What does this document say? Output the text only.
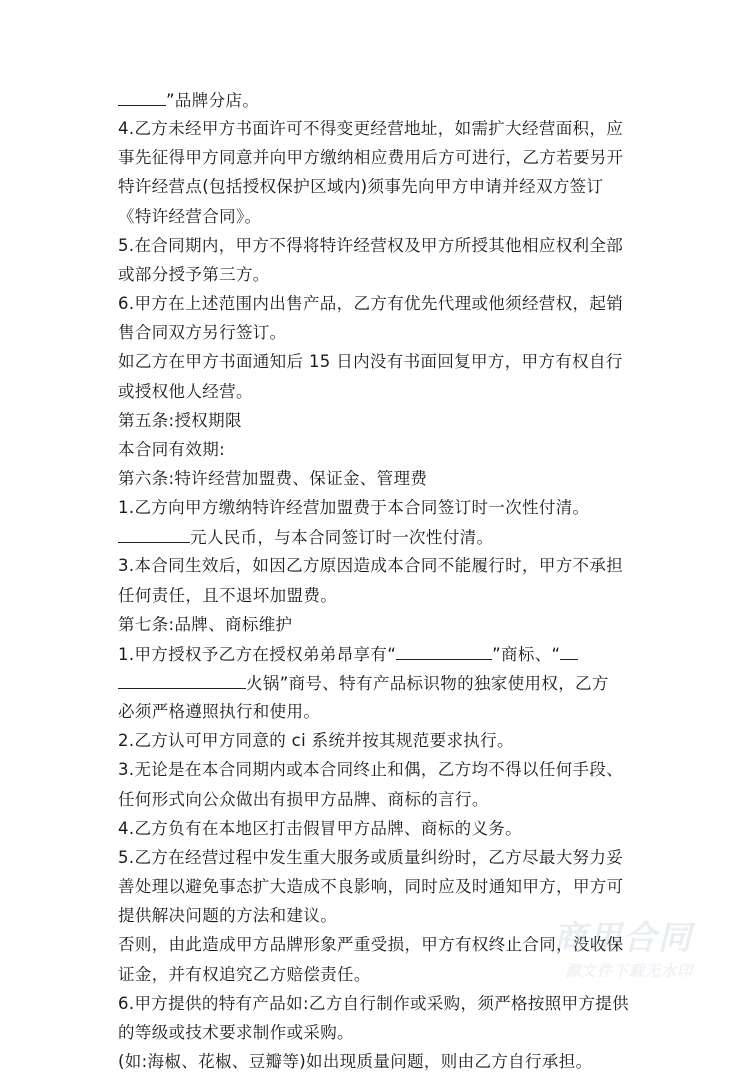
”品牌分店。
4.乙方未经甲方书面许可不得变更经营地址，如需扩大经营面积，应
事先征得甲方同意并向甲方缴纳相应费用后方可进行，乙方若要另开
特许经营点(包括授权保护区域内)须事先向甲方申请并经双方签订
《特许经营合同》。
5.在合同期内，甲方不得将特许经营权及甲方所授其他相应权利全部
或部分授予第三方。
6.甲方在上述范围内出售产品，乙方有优先代理或他须经营权，起销
售合同双方另行签订。
如乙方在甲方书面通知后 15 日内没有书面回复甲方，甲方有权自行
或授权他人经营。
第五条:授权期限
本合同有效期:
第六条:特许经营加盟费、保证金、管理费
1.乙方向甲方缴纳特许经营加盟费于本合同签订时一次性付清。
元人民币，与本合同签订时一次性付清。
3.本合同生效后，如因乙方原因造成本合同不能履行时，甲方不承担
任何责任，且不退坏加盟费。
第七条:品牌、商标维护
1.甲方授权予乙方在授权弟弟昂享有“	”商标、“
火锅”商号、特有产品标识物的独家使用权，乙方
必须严格遵照执行和使用。
2.乙方认可甲方同意的 ci 系统并按其规范要求执行。
3.无论是在本合同期内或本合同终止和偶，乙方均不得以任何手段、
任何形式向公众做出有损甲方品牌、商标的言行。
4.乙方负有在本地区打击假冒甲方品牌、商标的义务。
5.乙方在经营过程中发生重大服务或质量纠纷时，乙方尽最大努力妥
善处理以避免事态扩大造成不良影响，同时应及时通知甲方，甲方可
提供解决问题的方法和建议。
商用合同
源文件下载无水印
否则，由此造成甲方品牌形象严重受损，甲方有权终止合同，没收保
证金，并有权追究乙方赔偿责任。
6.甲方提供的特有产品如:乙方自行制作或采购，须严格按照甲方提供
的等级或技术要求制作或采购。
(如:海椒、花椒、豆瓣等)如出现质量问题，则由乙方自行承担。
